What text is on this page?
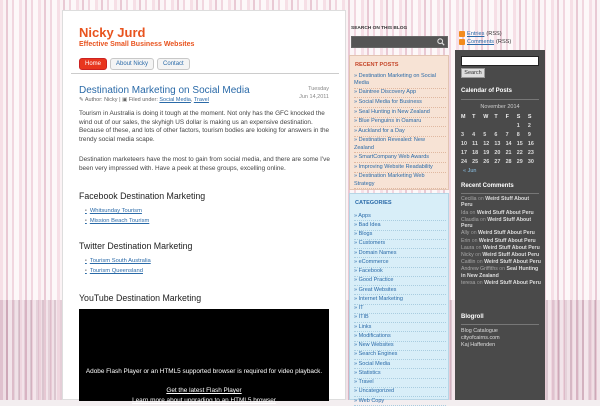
Nicky Jurd
Effective Small Business Websites
Home	About Nicky	Contact
Destination Marketing on Social Media	Tuesday
Jun 14,2011
✎ Author: Nicky | ▣ Filed under: Social Media, Travel

Tourism in Australia is doing it tough at the moment. Not only has the GFC knocked the wind out of our sales, the skyhigh US dollar is making us an expensive destination. Because of these, and lots of other factors, tourism bodies are looking for answers in the trendy social media scape.

Destination marketeers have the most to gain from social media, and there are some I've been very impressed with. Have a peek at these groups, excelling online.

Facebook Destination Marketing
■ Whitsunday Tourism
■ Mission Beach Tourism
Twitter Destination Marketing
■ Tourism South Australia
■ Tourism Queensland
YouTube Destination Marketing
Adobe Flash Player or an HTML5 supported browser is required for video playback.
Get the latest Flash Player
Learn more about upgrading to an HTML5 browser
SEARCH ON THIS BLOG
RECENT POSTS
» Destination Marketing on Social Media
» Daintree Discovery App
» Social Media for Business
» Seal Hunting in New Zealand
» Blue Penguins in Oamaru
» Auckland for a Day
» Destination Revealed: New Zealand
» SmartCompany Web Awards
» Improving Website Readability
» Destination Marketing Web Strategy
CATEGORIES
» Apps
» Bad Idea
» Blogs
» Customers
» Domain Names
» eCommerce
» Facebook
» Good Practice
» Great Websites
» Internet Marketing
» IT
» ITIB
» Links
» Modifications
» New Websites
» Search Engines
» Social Media
» Statistics
» Travel
» Uncategorized
» Web Copy
Entries (RSS)
Comments (RSS)
Search
Calendar of Posts
November 2014
M	T	W	T	F	S	S
					1	2
3	4	5	6	7	8	9
10	11	12	13	14	15	16
17	18	19	20	21	22	23
24	25	26	27	28	29	30
« Jun
Recent Comments
Cecilia on Weird Stuff About Peru
Ida on Weird Stuff About Peru
Claudia on Weird Stuff About Peru
Ally on Weird Stuff About Peru
Erin on Weird Stuff About Peru
Laura on Weird Stuff About Peru
Nicky on Weird Stuff About Peru
Caitlin on Weird Stuff About Peru
Andrew Griffiths on Seal Hunting in New Zealand
teresa on Weird Stuff About Peru
Blogroll
Blog Catalogue
cityofcairns.com
Kaj Haffenden
